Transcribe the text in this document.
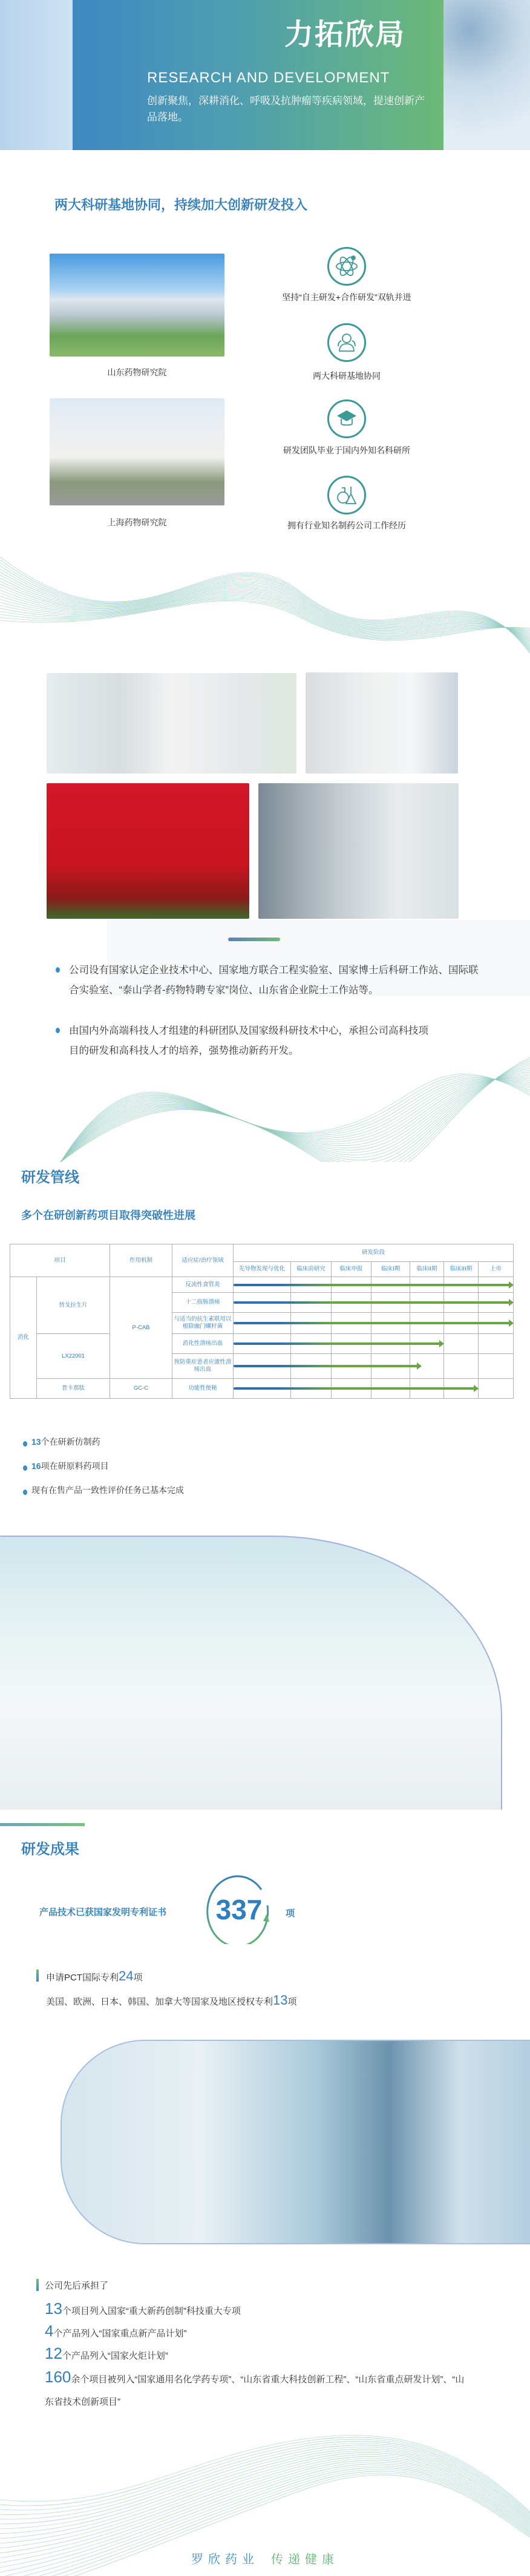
力拓欣局
RESEARCH AND DEVELOPMENT
创新聚焦，深耕消化、呼吸及抗肿瘤等疾病领域，提速创新产品落地。
两大科研基地协同，持续加大创新研发投入
山东药物研究院
上海药物研究院
坚持“自主研发+合作研发”双轨并进
两大科研基地协同
研发团队毕业于国内外知名科研所
拥有行业知名制药公司工作经历
公司设有国家认定企业技术中心、国家地方联合工程实验室、国家博士后科研工作站、国际联合实验室、“泰山学者-药物特聘专家”岗位、山东省企业院士工作站等。
由国内外高端科技人才组建的科研团队及国家级科研技术中心，承担公司高科技项目的研发和高科技人才的培养，强势推动新药开发。
研发管线
多个在研创新药项目取得突破性进展
项目		作用机制	适应症/治疗领域	研发阶段						
				先导物发现与优化	临床前研究	临床申报	临床I期	临床II期	临床III期	上市
消化	替戈拉生片	P-CAB	反流性食管炎							
			十二指肠溃疡							
			与适当的抗生素联用以根除幽门螺杆菌							
	LX22001		消化性溃疡出血							
			预防重症患者应激性溃疡出血							
	普卡那肽	GC-C	功能性便秘							
13个在研新仿制药
16项在研原料药项目
现有在售产品一致性评价任务已基本完成
研发成果
产品技术已获国家发明专利证书	337	项
申请PCT国际专利24项
美国、欧洲、日本、韩国、加拿大等国家及地区授权专利13项
公司先后承担了
13个项目列入国家“重大新药创制”科技重大专项
4个产品列入“国家重点新产品计划”
12个产品列入“国家火炬计划”
160余个项目被列入“国家通用名化学药专项”、“山东省重大科技创新工程”、“山东省重点研发计划”、“山东省技术创新项目”
罗欣药业 传递健康
